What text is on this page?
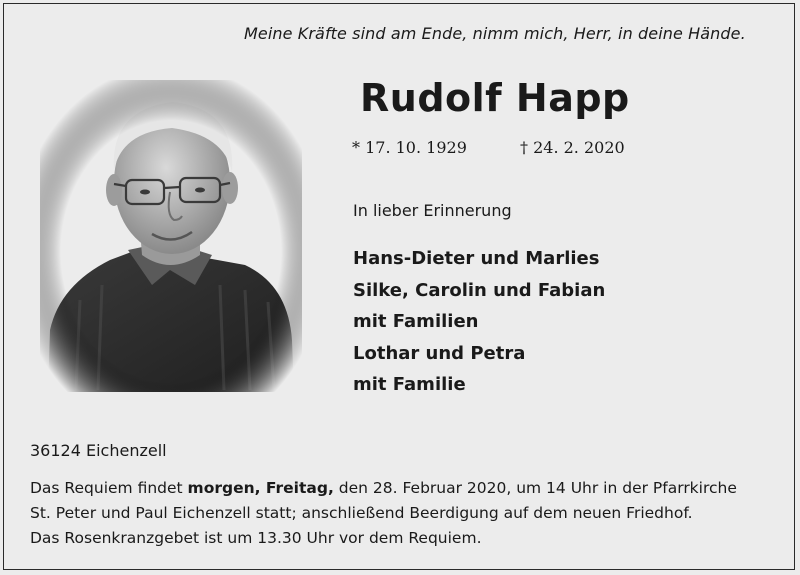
Meine Kräfte sind am Ende, nimm mich, Herr, in deine Hände.
Rudolf Happ
* 17. 10. 1929	† 24. 2. 2020
In lieber Erinnerung
Hans-Dieter und Marlies
Silke, Carolin und Fabian
mit Familien
Lothar und Petra
mit Familie
36124 Eichenzell
Das Requiem findet morgen, Freitag, den 28. Februar 2020, um 14 Uhr in der Pfarrkirche
St. Peter und Paul Eichenzell statt; anschließend Beerdigung auf dem neuen Friedhof.
Das Rosenkranzgebet ist um 13.30 Uhr vor dem Requiem.
